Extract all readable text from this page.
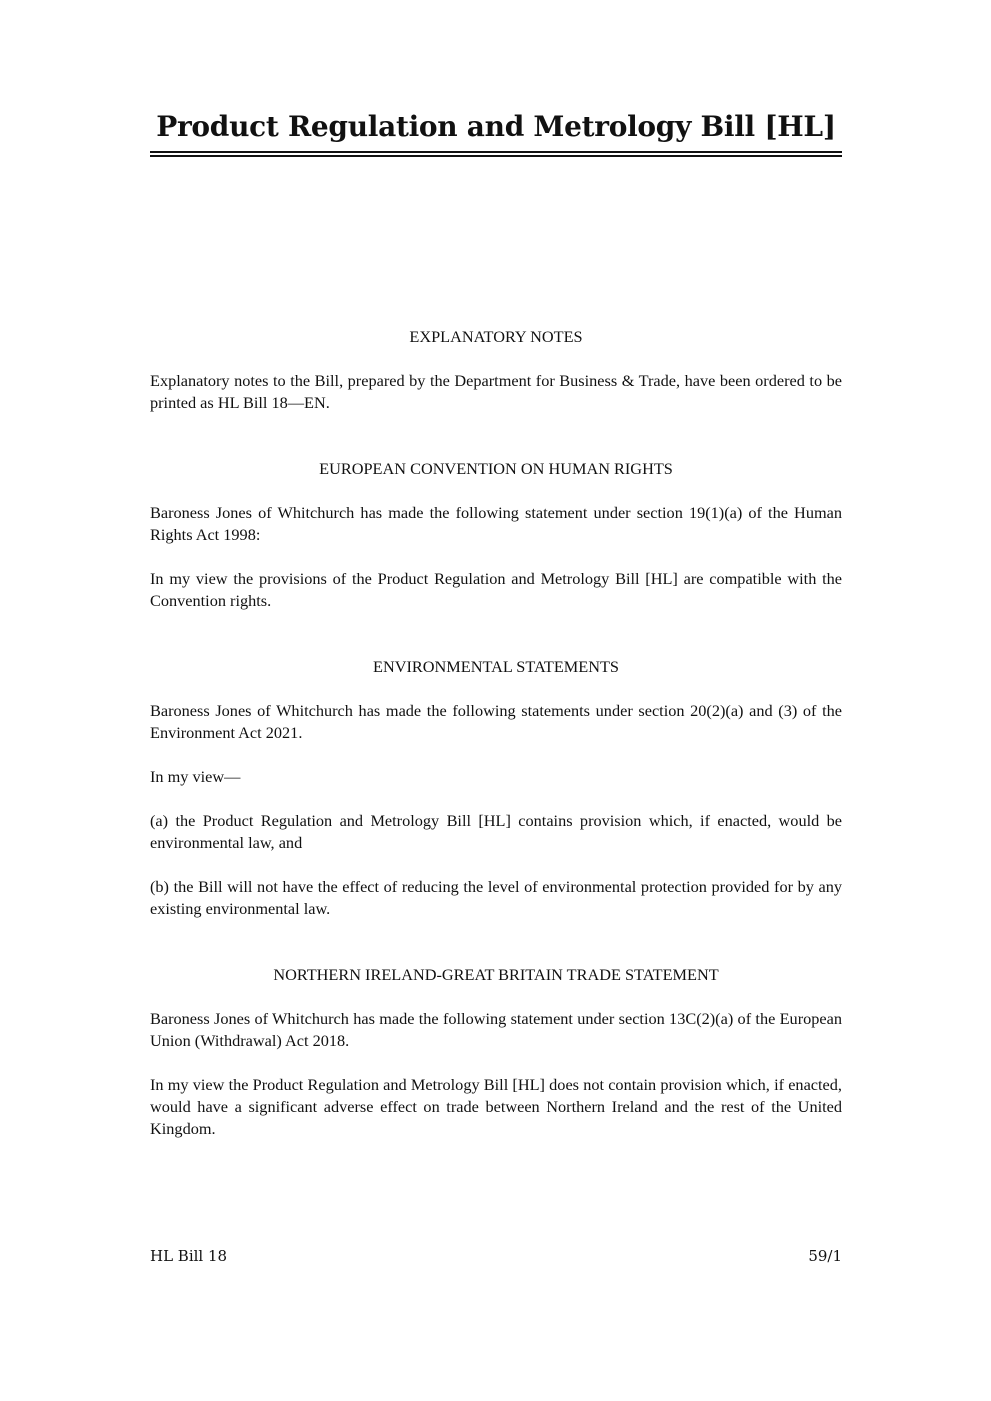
Product Regulation and Metrology Bill [HL]

EXPLANATORY NOTES

Explanatory notes to the Bill, prepared by the Department for Business & Trade, have been ordered to be printed as HL Bill 18—EN.

EUROPEAN CONVENTION ON HUMAN RIGHTS

Baroness Jones of Whitchurch has made the following statement under section 19(1)(a) of the Human Rights Act 1998:

In my view the provisions of the Product Regulation and Metrology Bill [HL] are compatible with the Convention rights.

ENVIRONMENTAL STATEMENTS

Baroness Jones of Whitchurch has made the following statements under section 20(2)(a) and (3) of the Environment Act 2021.

In my view—

(a) the Product Regulation and Metrology Bill [HL] contains provision which, if enacted, would be environmental law, and

(b) the Bill will not have the effect of reducing the level of environmental protection provided for by any existing environmental law.

NORTHERN IRELAND-GREAT BRITAIN TRADE STATEMENT

Baroness Jones of Whitchurch has made the following statement under section 13C(2)(a) of the European Union (Withdrawal) Act 2018.

In my view the Product Regulation and Metrology Bill [HL] does not contain provision which, if enacted, would have a significant adverse effect on trade between Northern Ireland and the rest of the United Kingdom.

HL Bill 18	59/1
